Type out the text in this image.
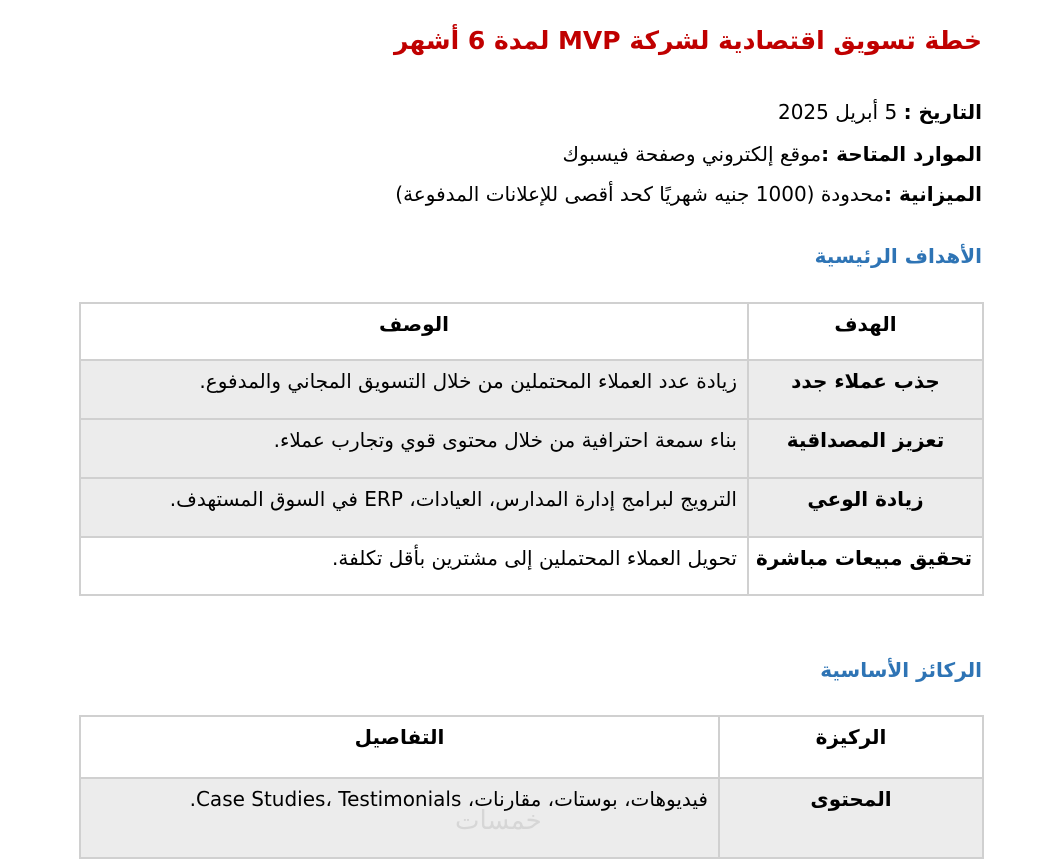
خطة تسويق اقتصادية لشركة MVP لمدة 6 أشهر
التاريخ : 5 أبريل 2025
الموارد المتاحة :موقع إلكتروني وصفحة فيسبوك
الميزانية :محدودة (1000 جنيه شهريًا كحد أقصى للإعلانات المدفوعة)
الأهداف الرئيسية
الهدف	الوصف
جذب عملاء جدد	زيادة عدد العملاء المحتملين من خلال التسويق المجاني والمدفوع.
تعزيز المصداقية	بناء سمعة احترافية من خلال محتوى قوي وتجارب عملاء.
زيادة الوعي	الترويج لبرامج إدارة المدارس، العيادات، ERP في السوق المستهدف.
تحقيق مبيعات مباشرة	تحويل العملاء المحتملين إلى مشترين بأقل تكلفة.
الركائز الأساسية
الركيزة	التفاصيل
المحتوى	فيديوهات، بوستات، مقارنات، Case Studies، Testimonials.
خمسات
